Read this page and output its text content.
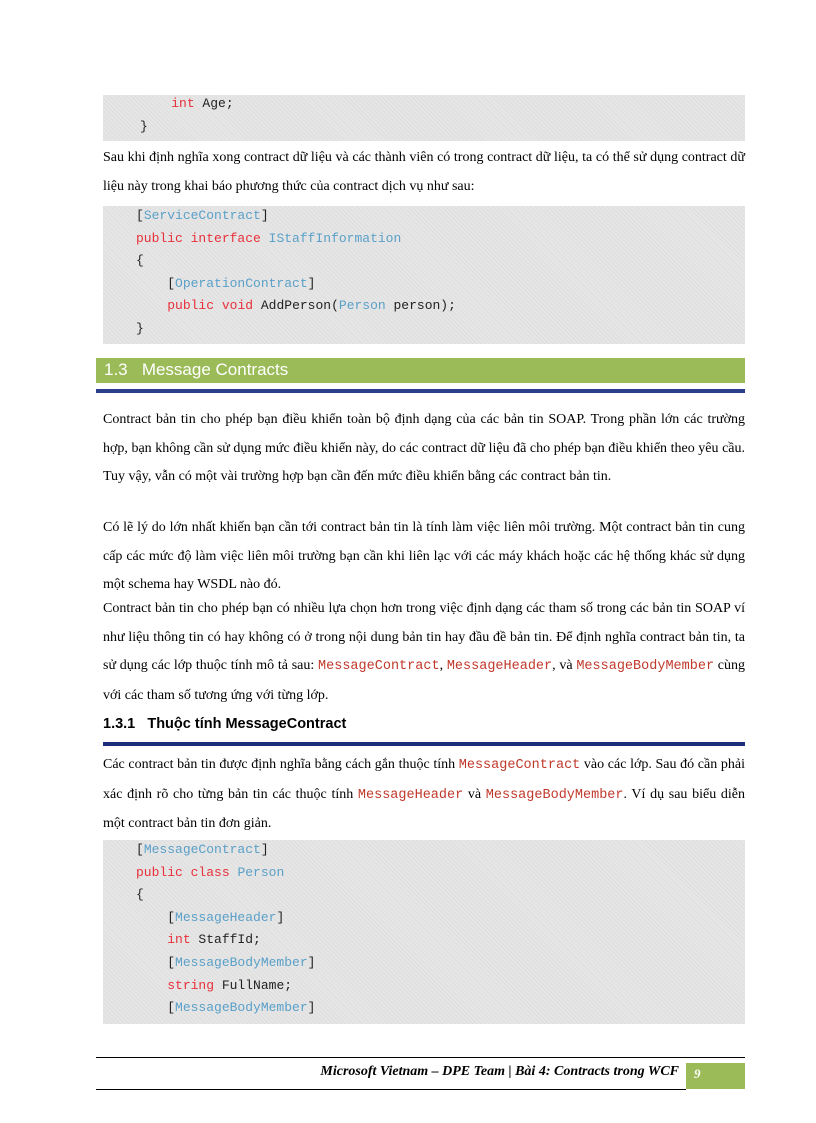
int Age;
}

Sau khi định nghĩa xong contract dữ liệu và các thành viên có trong contract dữ liệu, ta có thể sử dụng contract dữ liệu này trong khai báo phương thức của contract dịch vụ như sau:

[ServiceContract]
public interface IStaffInformation
{
[OperationContract]
public void AddPerson(Person person);
}
1.3 Message Contracts

Contract bản tin cho phép bạn điều khiển toàn bộ định dạng của các bản tin SOAP. Trong phần lớn các trường hợp, bạn không cần sử dụng mức điều khiển này, do các contract dữ liệu đã cho phép bạn điều khiển theo yêu cầu. Tuy vậy, vẫn có một vài trường hợp bạn cần đến mức điều khiển bằng các contract bản tin.

Có lẽ lý do lớn nhất khiến bạn cần tới contract bản tin là tính làm việc liên môi trường. Một contract bản tin cung cấp các mức độ làm việc liên môi trường bạn cần khi liên lạc với các máy khách hoặc các hệ thống khác sử dụng một schema hay WSDL nào đó.

Contract bản tin cho phép bạn có nhiều lựa chọn hơn trong việc định dạng các tham số trong các bản tin SOAP ví như liệu thông tin có hay không có ở trong nội dung bản tin hay đầu đề bản tin. Để định nghĩa contract bản tin, ta sử dụng các lớp thuộc tính mô tả sau: MessageContract, MessageHeader, và MessageBodyMember cùng với các tham số tương ứng với từng lớp.

1.3.1 Thuộc tính MessageContract

Các contract bản tin được định nghĩa bằng cách gắn thuộc tính MessageContract vào các lớp. Sau đó cần phải xác định rõ cho từng bản tin các thuộc tính MessageHeader và MessageBodyMember. Ví dụ sau biểu diễn một contract bản tin đơn giản.

[MessageContract]
public class Person
{
[MessageHeader]
int StaffId;
[MessageBodyMember]
string FullName;
[MessageBodyMember]
Microsoft Vietnam – DPE Team | Bài 4: Contracts trong WCF 9
